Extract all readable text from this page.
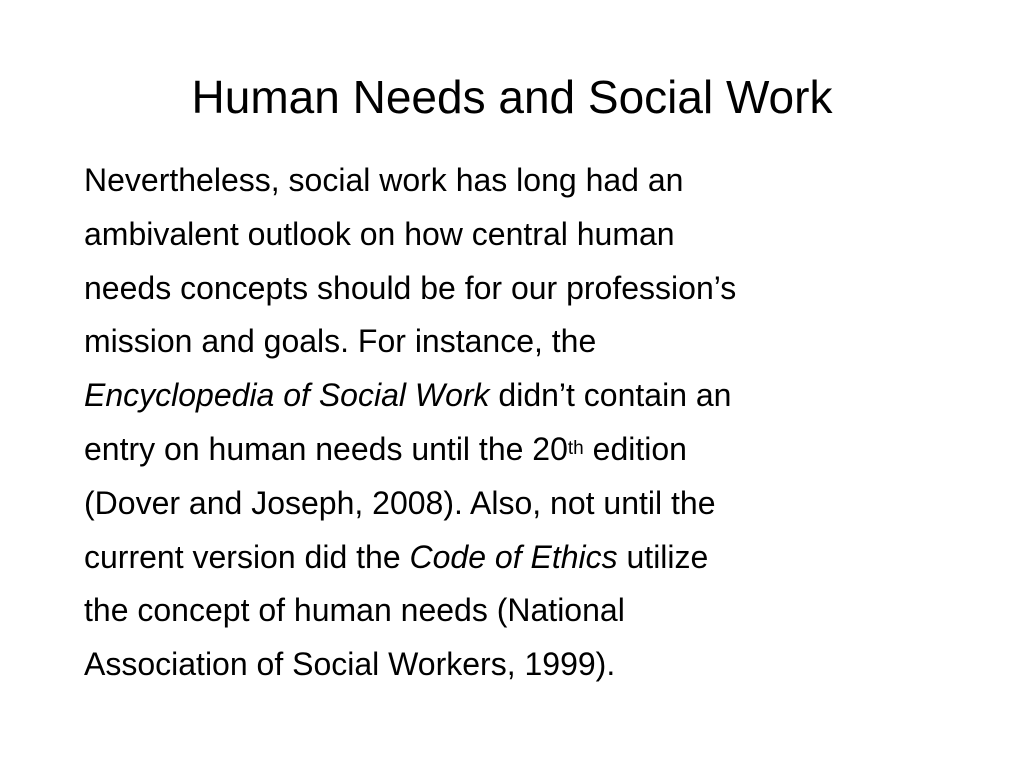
Human Needs and Social Work
Nevertheless, social work has long had an
ambivalent outlook on how central human
needs concepts should be for our profession’s
mission and goals. For instance, the
Encyclopedia of Social Work didn’t contain an
entry on human needs until the 20th edition
(Dover and Joseph, 2008). Also, not until the
current version did the Code of Ethics utilize
the concept of human needs (National
Association of Social Workers, 1999).
